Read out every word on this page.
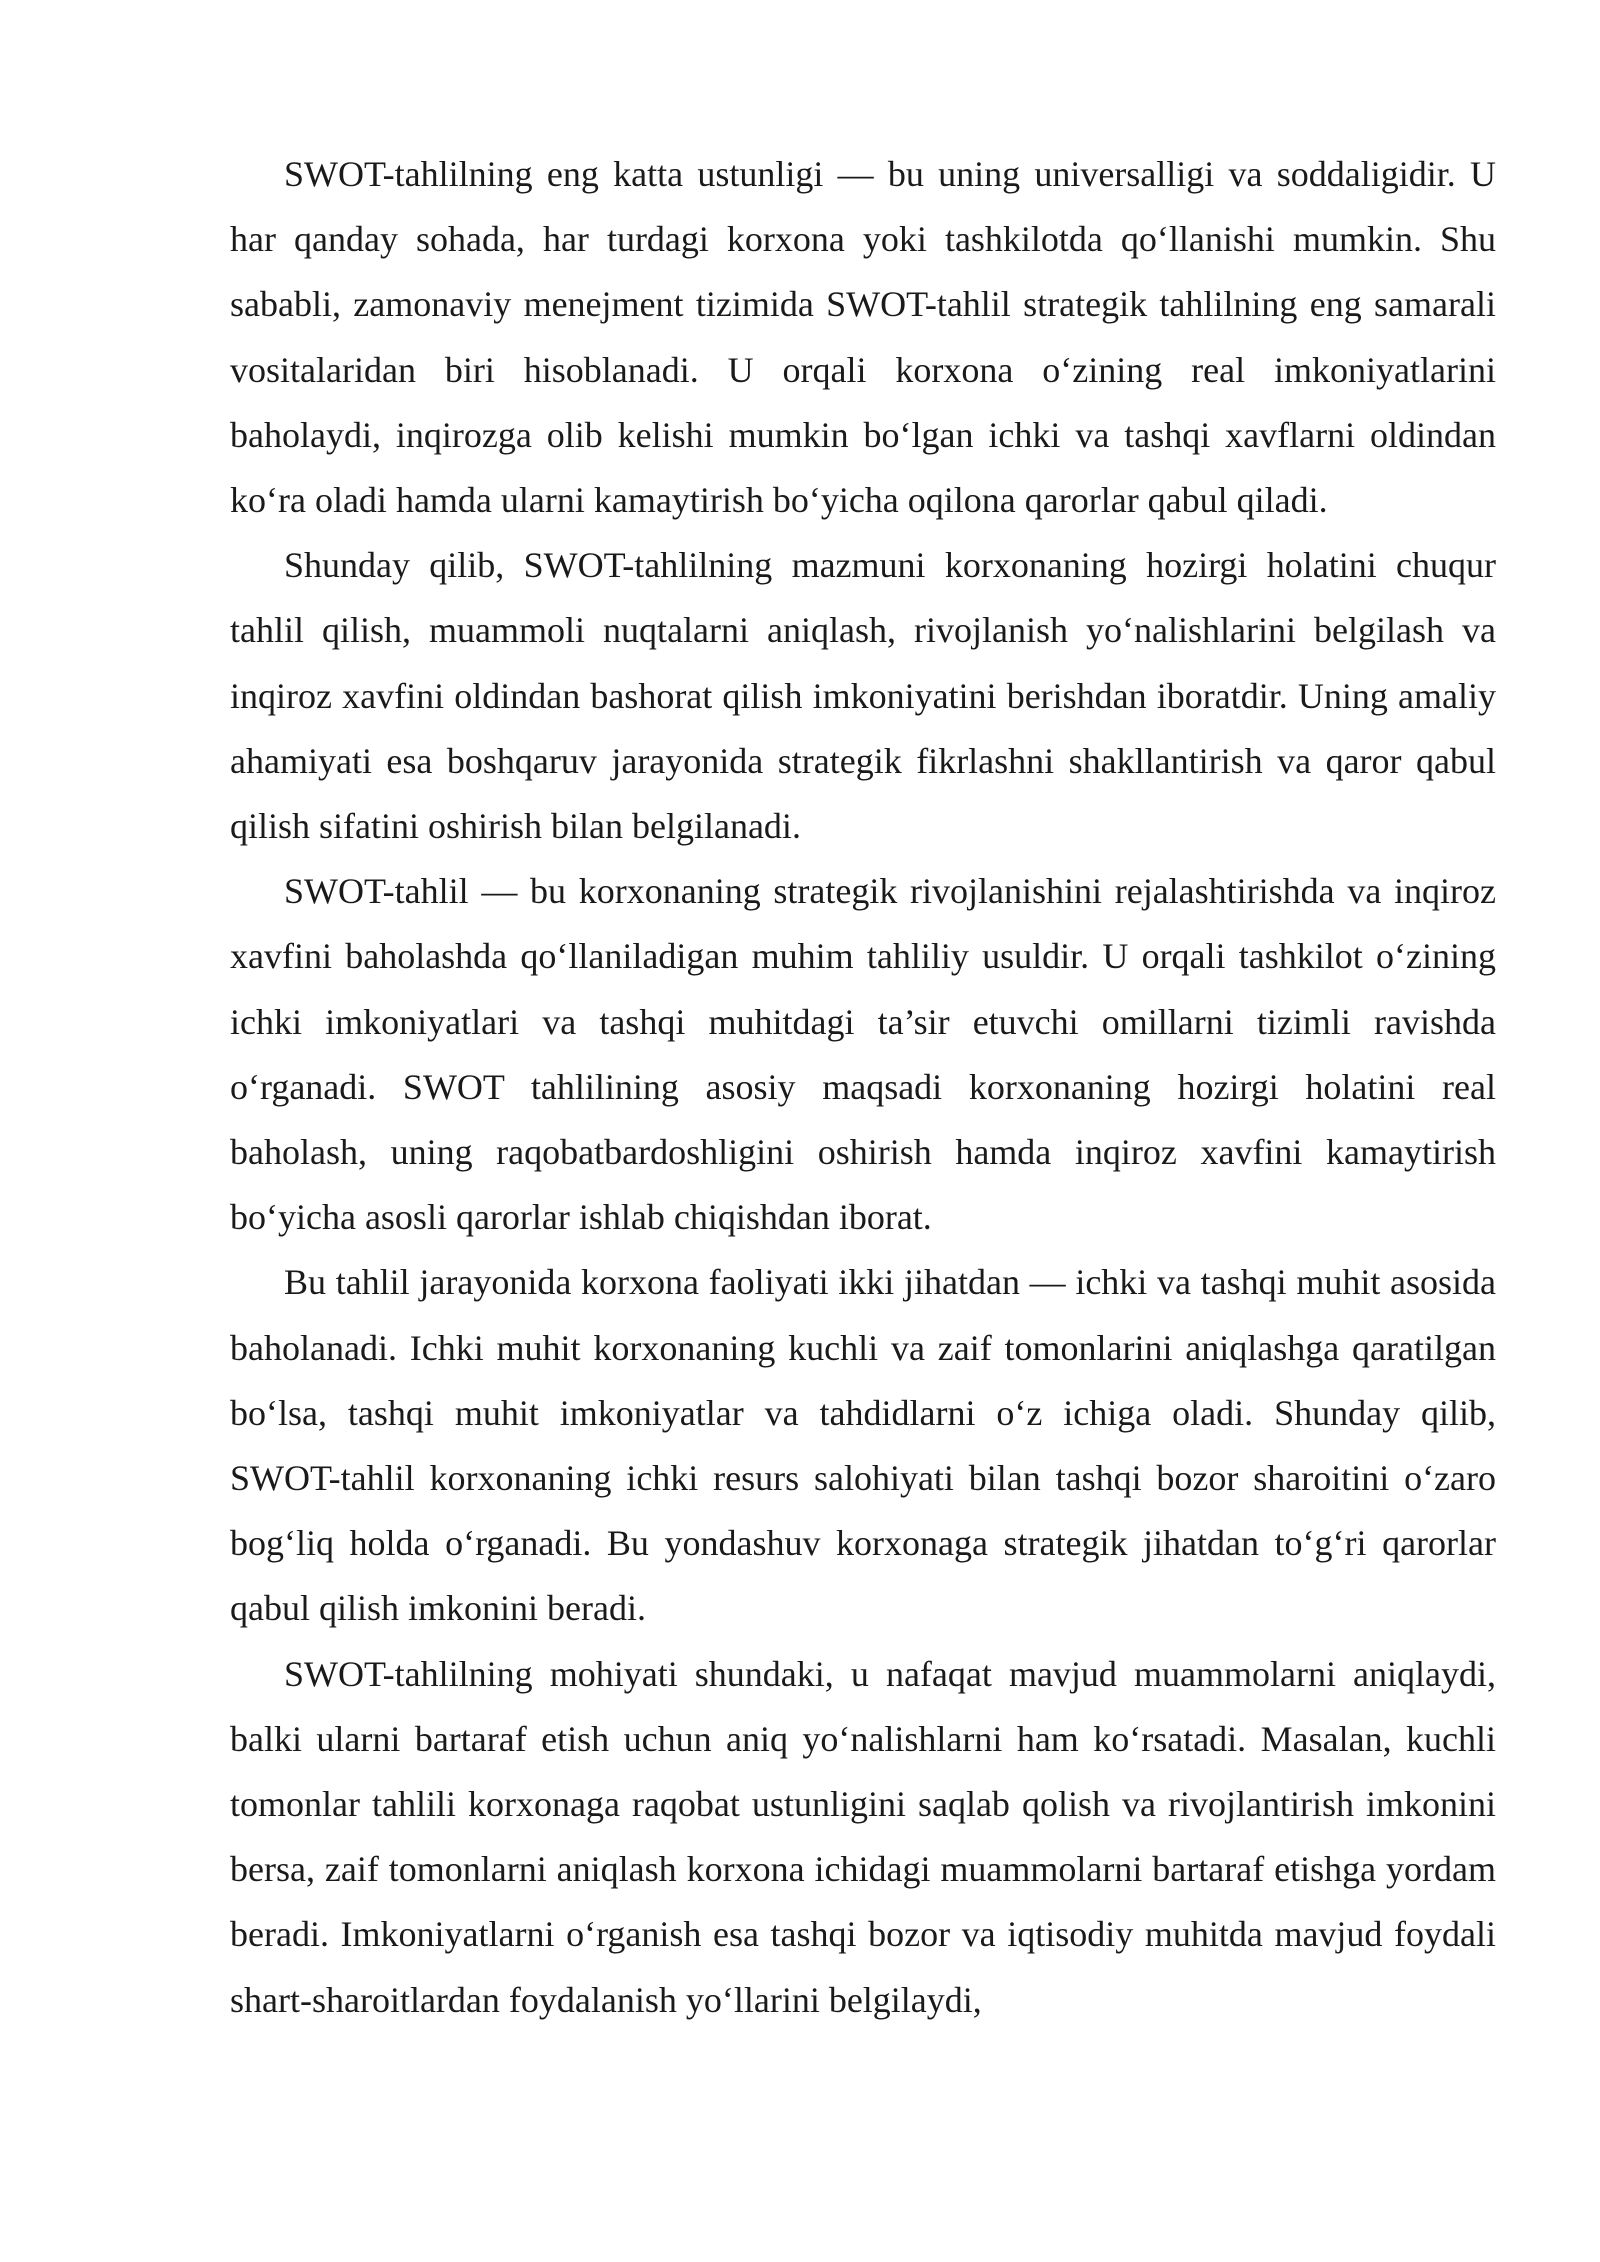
SWOT-tahlilning eng katta ustunligi — bu uning universalligi va soddaligidir. U har qanday sohada, har turdagi korxona yoki tashkilotda qo‘llanishi mumkin. Shu sababli, zamonaviy menejment tizimida SWOT-tahlil strategik tahlilning eng samarali vositalaridan biri hisoblanadi. U orqali korxona o‘zining real imkoniyatlarini baholaydi, inqirozga olib kelishi mumkin bo‘lgan ichki va tashqi xavflarni oldindan ko‘ra oladi hamda ularni kamaytirish bo‘yicha oqilona qarorlar qabul qiladi.

Shunday qilib, SWOT-tahlilning mazmuni korxonaning hozirgi holatini chuqur tahlil qilish, muammoli nuqtalarni aniqlash, rivojlanish yo‘nalishlarini belgilash va inqiroz xavfini oldindan bashorat qilish imkoniyatini berishdan iboratdir. Uning amaliy ahamiyati esa boshqaruv jarayonida strategik fikrlashni shakllantirish va qaror qabul qilish sifatini oshirish bilan belgilanadi.

SWOT-tahlil — bu korxonaning strategik rivojlanishini rejalashtirishda va inqiroz xavfini baholashda qo‘llaniladigan muhim tahliliy usuldir. U orqali tashkilot o‘zining ichki imkoniyatlari va tashqi muhitdagi ta’sir etuvchi omillarni tizimli ravishda o‘rganadi. SWOT tahlilining asosiy maqsadi korxonaning hozirgi holatini real baholash, uning raqobatbardoshligini oshirish hamda inqiroz xavfini kamaytirish bo‘yicha asosli qarorlar ishlab chiqishdan iborat.

Bu tahlil jarayonida korxona faoliyati ikki jihatdan — ichki va tashqi muhit asosida baholanadi. Ichki muhit korxonaning kuchli va zaif tomonlarini aniqlashga qaratilgan bo‘lsa, tashqi muhit imkoniyatlar va tahdidlarni o‘z ichiga oladi. Shunday qilib, SWOT-tahlil korxonaning ichki resurs salohiyati bilan tashqi bozor sharoitini o‘zaro bog‘liq holda o‘rganadi. Bu yondashuv korxonaga strategik jihatdan to‘g‘ri qarorlar qabul qilish imkonini beradi.

SWOT-tahlilning mohiyati shundaki, u nafaqat mavjud muammolarni aniqlaydi, balki ularni bartaraf etish uchun aniq yo‘nalishlarni ham ko‘rsatadi. Masalan, kuchli tomonlar tahlili korxonaga raqobat ustunligini saqlab qolish va rivojlantirish imkonini bersa, zaif tomonlarni aniqlash korxona ichidagi muammolarni bartaraf etishga yordam beradi. Imkoniyatlarni o‘rganish esa tashqi bozor va iqtisodiy muhitda mavjud foydali shart-sharoitlardan foydalanish yo‘llarini belgilaydi,
